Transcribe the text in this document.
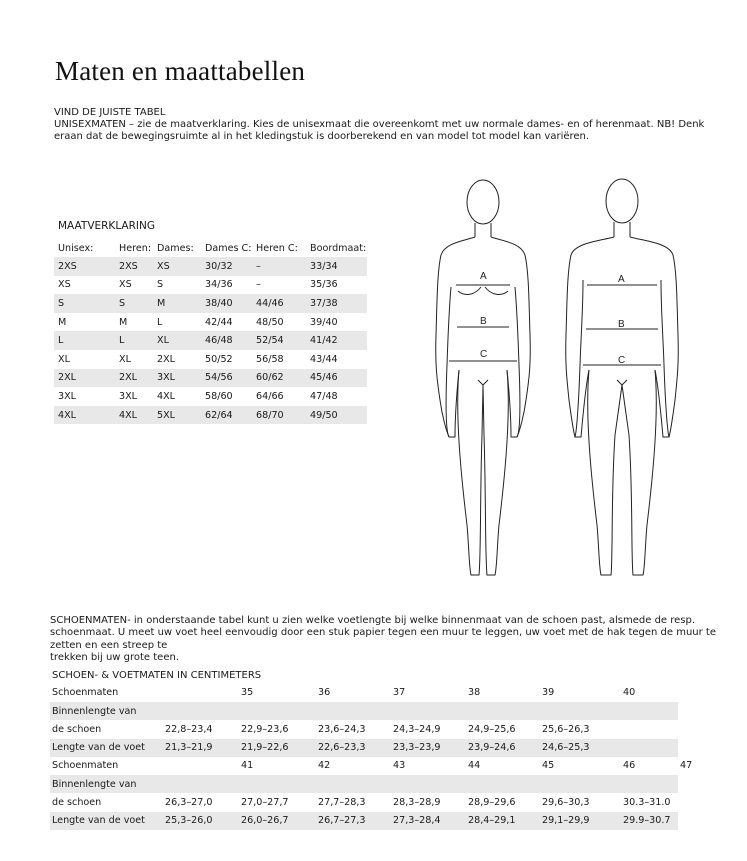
Maten en maattabellen
VIND DE JUISTE TABEL
UNISEXMATEN – zie de maatverklaring. Kies de unisexmaat die overeenkomt met uw normale dames- en of herenmaat. NB! Denk
eraan dat de bewegingsruimte al in het kledingstuk is doorberekend en van model tot model kan variëren.
MAATVERKLARING
Unisex:	Heren:	Dames:	Dames C:	Heren C:	Boordmaat:
2XS	2XS	XS	30/32	–	33/34
XS	XS	S	34/36	–	35/36
S	S	M	38/40	44/46	37/38
M	M	L	42/44	48/50	39/40
L	L	XL	46/48	52/54	41/42
XL	XL	2XL	50/52	56/58	43/44
2XL	2XL	3XL	54/56	60/62	45/46
3XL	3XL	4XL	58/60	64/66	47/48
4XL	4XL	5XL	62/64	68/70	49/50
A
B
C
A
B
C
SCHOENMATEN- in onderstaande tabel kunt u zien welke voetlengte bij welke binnenmaat van de schoen past, alsmede de resp.
schoenmaat. U meet uw voet heel eenvoudig door een stuk papier tegen een muur te leggen, uw voet met de hak tegen de muur te
zetten en een streep te
trekken bij uw grote teen.
SCHOEN- & VOETMATEN IN CENTIMETERS
Schoenmaten		35	36	37	38	39	40	
Binnenlengte van								
de schoen	22,8–23,4	22,9–23,6	23,6–24,3	24,3–24,9	24,9–25,6	25,6–26,3		
Lengte van de voet	21,3–21,9	21,9–22,6	22,6–23,3	23,3–23,9	23,9–24,6	24,6–25,3		
Schoenmaten		41	42	43	44	45	46	47
Binnenlengte van								
de schoen	26,3–27,0	27,0–27,7	27,7–28,3	28,3–28,9	28,9–29,6	29,6–30,3	30.3–31.0	
Lengte van de voet	25,3–26,0	26,0–26,7	26,7–27,3	27,3–28,4	28,4–29,1	29,1–29,9	29.9–30.7	
